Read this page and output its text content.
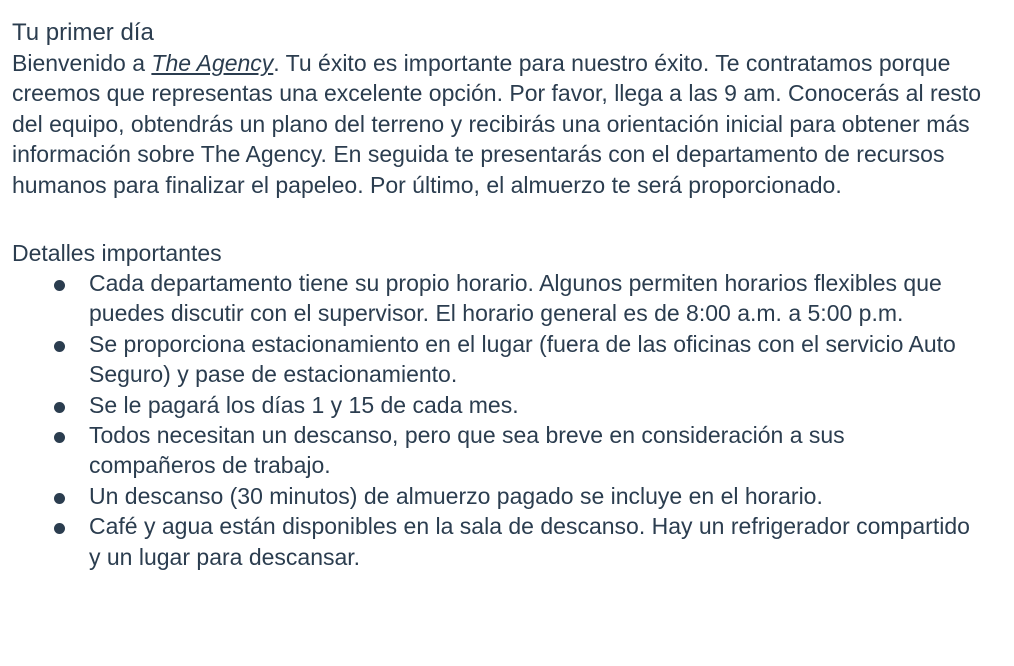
Tu primer día

Bienvenido a The Agency. Tu éxito es importante para nuestro éxito. Te contratamos porque creemos que representas una excelente opción. Por favor, llega a las 9 am. Conocerás al resto del equipo, obtendrás un plano del terreno y recibirás una orientación inicial para obtener más información sobre The Agency. En seguida te presentarás con el departamento de recursos humanos para finalizar el papeleo. Por último, el almuerzo te será proporcionado.

Detalles importantes
Cada departamento tiene su propio horario. Algunos permiten horarios flexibles que puedes discutir con el supervisor. El horario general es de 8:00 a.m. a 5:00 p.m.
Se proporciona estacionamiento en el lugar (fuera de las oficinas con el servicio Auto Seguro) y pase de estacionamiento.
Se le pagará los días 1 y 15 de cada mes.
Todos necesitan un descanso, pero que sea breve en consideración a sus compañeros de trabajo.
Un descanso (30 minutos) de almuerzo pagado se incluye en el horario.
Café y agua están disponibles en la sala de descanso. Hay un refrigerador compartido y un lugar para descansar.
